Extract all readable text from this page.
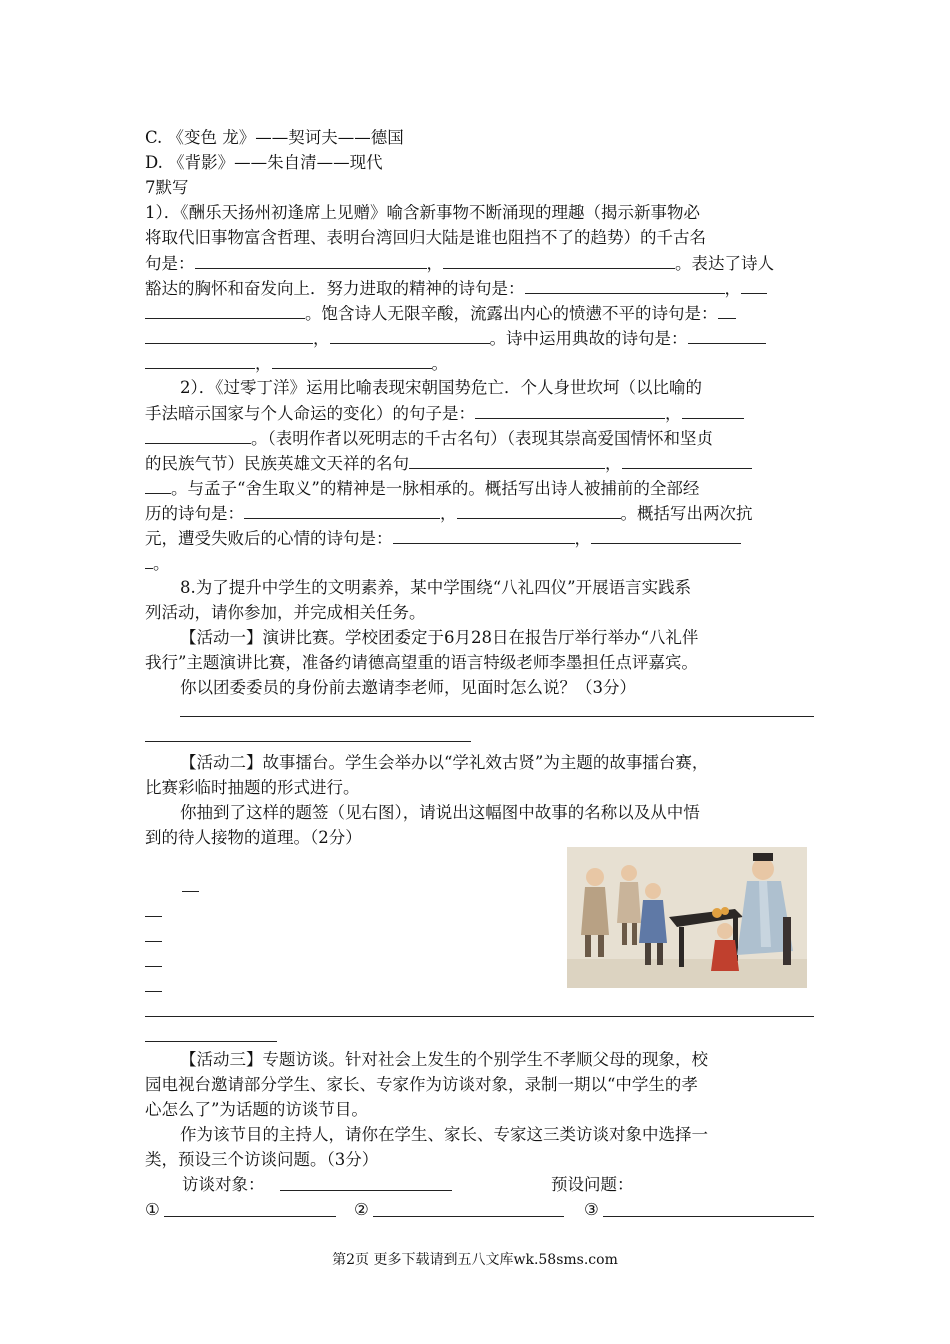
C. 《变色 龙》——契诃夫——德国
D. 《背影》——朱自清——现代
7默写
1）．《酬乐天扬州初逢席上见赠》喻含新事物不断涌现的理趣（揭示新事物必
将取代旧事物富含哲理、表明台湾回归大陆是谁也阻挡不了的趋势）的千古名
句是：	，	。表达了诗人
豁达的胸怀和奋发向上．努力进取的精神的诗句是：	，
。饱含诗人无限辛酸，流露出内心的愤懑不平的诗句是：
，	。诗中运用典故的诗句是：
，	。
2）．《过零丁洋》运用比喻表现宋朝国势危亡．个人身世坎坷（以比喻的
手法暗示国家与个人命运的变化）的句子是：	，
。（表明作者以死明志的千古名句）（表现其崇高爱国情怀和坚贞
的民族气节）民族英雄文天祥的名句	，
。与孟子“舍生取义”的精神是一脉相承的。概括写出诗人被捕前的全部经
历的诗句是：	，	。概括写出两次抗
元，遭受失败后的心情的诗句是：	，
。
8.为了提升中学生的文明素养，某中学围绕“八礼四仪”开展语言实践系
列活动，请你参加，并完成相关任务。
【活动一】演讲比赛。学校团委定于6月28日在报告厅举行举办“八礼伴
我行”主题演讲比赛，准备约请德高望重的语言特级老师李墨担任点评嘉宾。
你以团委委员的身份前去邀请李老师，见面时怎么说？（3分）
【活动二】故事擂台。学生会举办以“学礼效古贤”为主题的故事擂台赛，
比赛彩临时抽题的形式进行。
你抽到了这样的题签（见右图），请说出这幅图中故事的名称以及从中悟
到的待人接物的道理。（2分）
【活动三】专题访谈。针对社会上发生的个别学生不孝顺父母的现象，校
园电视台邀请部分学生、家长、专家作为访谈对象，录制一期以“中学生的孝
心怎么了”为话题的访谈节目。
作为该节目的主持人，请你在学生、家长、专家这三类访谈对象中选择一
类，预设三个访谈问题。（3分）
访谈对象：	预设问题：
①	②	③
第2页 更多下载请到五八文库wk.58sms.com
